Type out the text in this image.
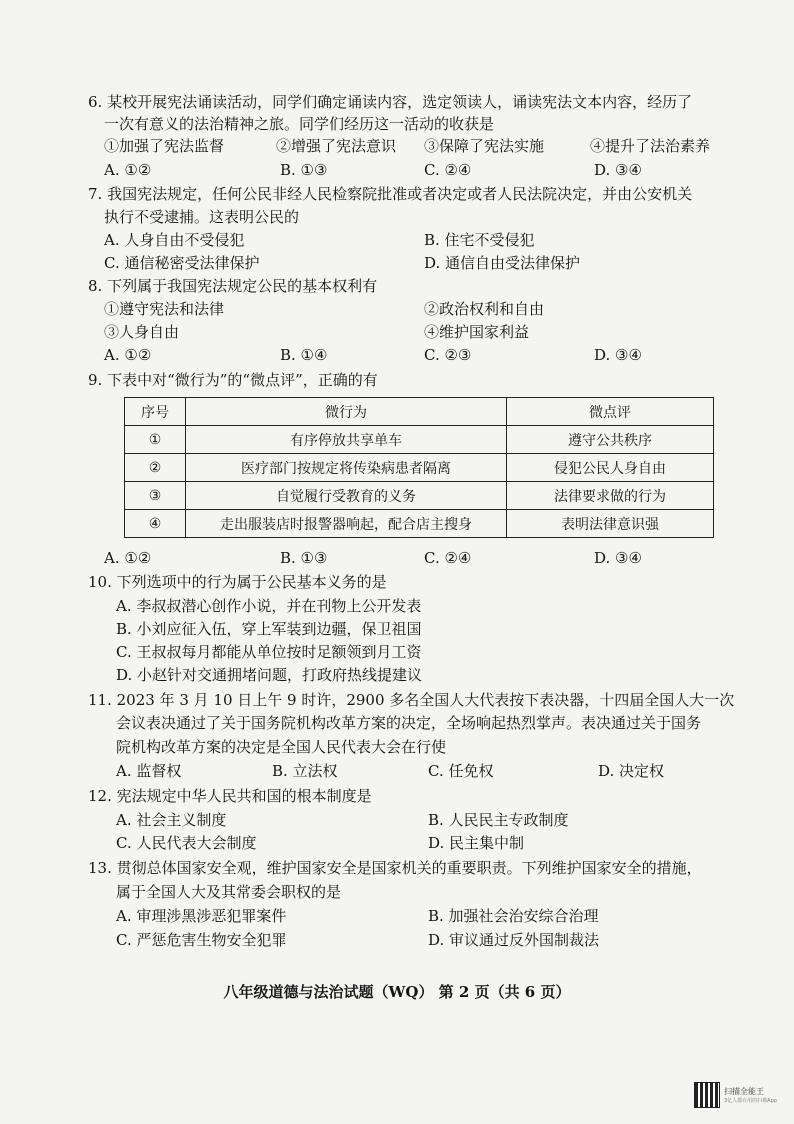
6. 某校开展宪法诵读活动，同学们确定诵读内容，选定领读人，诵读宪法文本内容，经历了
一次有意义的法治精神之旅。同学们经历这一活动的收获是
①加强了宪法监督	②增强了宪法意识 ③保障了宪法实施	④提升了法治素养
A. ①②	B. ①③	C. ②④	D. ③④
7. 我国宪法规定，任何公民非经人民检察院批准或者决定或者人民法院决定，并由公安机关
执行不受逮捕。这表明公民的
A. 人身自由不受侵犯	B. 住宅不受侵犯
C. 通信秘密受法律保护	D. 通信自由受法律保护
8. 下列属于我国宪法规定公民的基本权利有
①遵守宪法和法律	②政治权利和自由
③人身自由	④维护国家利益
A. ①②	B. ①④	C. ②③	D. ③④
9. 下表中对“微行为”的“微点评”，正确的有
序号	微行为	微点评
①	有序停放共享单车	遵守公共秩序
②	医疗部门按规定将传染病患者隔离	侵犯公民人身自由
③	自觉履行受教育的义务	法律要求做的行为
④	走出服装店时报警器响起，配合店主搜身	表明法律意识强
A. ①②	B. ①③	C. ②④	D. ③④
10. 下列选项中的行为属于公民基本义务的是
A. 李叔叔潜心创作小说，并在刊物上公开发表
B. 小刘应征入伍，穿上军装到边疆，保卫祖国
C. 王叔叔每月都能从单位按时足额领到月工资
D. 小赵针对交通拥堵问题，打政府热线提建议
11. 2023 年 3 月 10 日上午 9 时许，2900 多名全国人大代表按下表决器，十四届全国人大一次
会议表决通过了关于国务院机构改革方案的决定，全场响起热烈掌声。表决通过关于国务
院机构改革方案的决定是全国人民代表大会在行使
A. 监督权	B. 立法权	C. 任免权	D. 决定权
12. 宪法规定中华人民共和国的根本制度是
A. 社会主义制度	B. 人民民主专政制度
C. 人民代表大会制度	D. 民主集中制
13. 贯彻总体国家安全观，维护国家安全是国家机关的重要职责。下列维护国家安全的措施，
属于全国人大及其常委会职权的是
A. 审理涉黑涉恶犯罪案件	B. 加强社会治安综合治理
C. 严惩危害生物安全犯罪	D. 审议通过反外国制裁法
八年级道德与法治试题（WQ） 第 2 页（共 6 页）
扫描全能王
3亿人都在用的扫描App
